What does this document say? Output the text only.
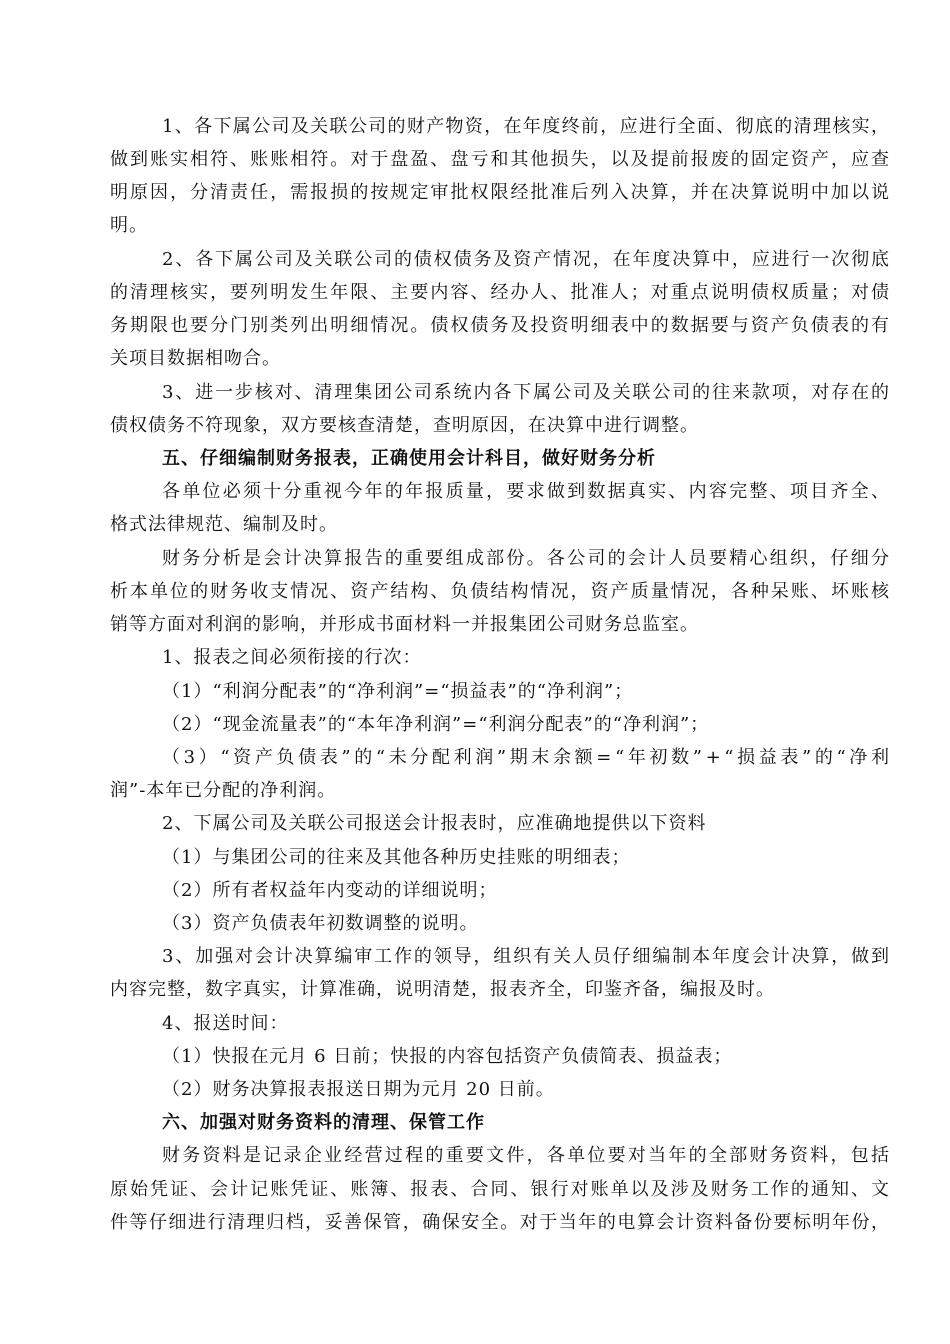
1、各下属公司及关联公司的财产物资，在年度终前，应进行全面、彻底的清理核实，
做到账实相符、账账相符。对于盘盈、盘亏和其他损失，以及提前报废的固定资产，应查
明原因，分清责任，需报损的按规定审批权限经批准后列入决算，并在决算说明中加以说
明。
2、各下属公司及关联公司的债权债务及资产情况，在年度决算中，应进行一次彻底
的清理核实，要列明发生年限、主要内容、经办人、批准人；对重点说明债权质量；对债
务期限也要分门别类列出明细情况。债权债务及投资明细表中的数据要与资产负债表的有
关项目数据相吻合。
3、进一步核对、清理集团公司系统内各下属公司及关联公司的往来款项，对存在的
债权债务不符现象，双方要核查清楚，查明原因，在决算中进行调整。
五、仔细编制财务报表，正确使用会计科目，做好财务分析
各单位必须十分重视今年的年报质量，要求做到数据真实、内容完整、项目齐全、
格式法律规范、编制及时。
财务分析是会计决算报告的重要组成部份。各公司的会计人员要精心组织，仔细分
析本单位的财务收支情况、资产结构、负债结构情况，资产质量情况，各种呆账、坏账核
销等方面对利润的影响，并形成书面材料一并报集团公司财务总监室。
1、报表之间必须衔接的行次：
（1）“利润分配表”的“净利润”=“损益表”的“净利润”；
（2）“现金流量表”的“本年净利润”=“利润分配表”的“净利润”；
（3）“资产负债表”的“未分配利润”期末余额=“年初数”+“损益表”的“净利
润”-本年已分配的净利润。
2、下属公司及关联公司报送会计报表时，应准确地提供以下资料
（1）与集团公司的往来及其他各种历史挂账的明细表；
（2）所有者权益年内变动的详细说明；
（3）资产负债表年初数调整的说明。
3、加强对会计决算编审工作的领导，组织有关人员仔细编制本年度会计决算，做到
内容完整，数字真实，计算准确，说明清楚，报表齐全，印鉴齐备，编报及时。
4、报送时间：
（1）快报在元月 6 日前；快报的内容包括资产负债简表、损益表；
（2）财务决算报表报送日期为元月 20 日前。
六、加强对财务资料的清理、保管工作
财务资料是记录企业经营过程的重要文件，各单位要对当年的全部财务资料，包括
原始凭证、会计记账凭证、账簿、报表、合同、银行对账单以及涉及财务工作的通知、文
件等仔细进行清理归档，妥善保管，确保安全。对于当年的电算会计资料备份要标明年份，
